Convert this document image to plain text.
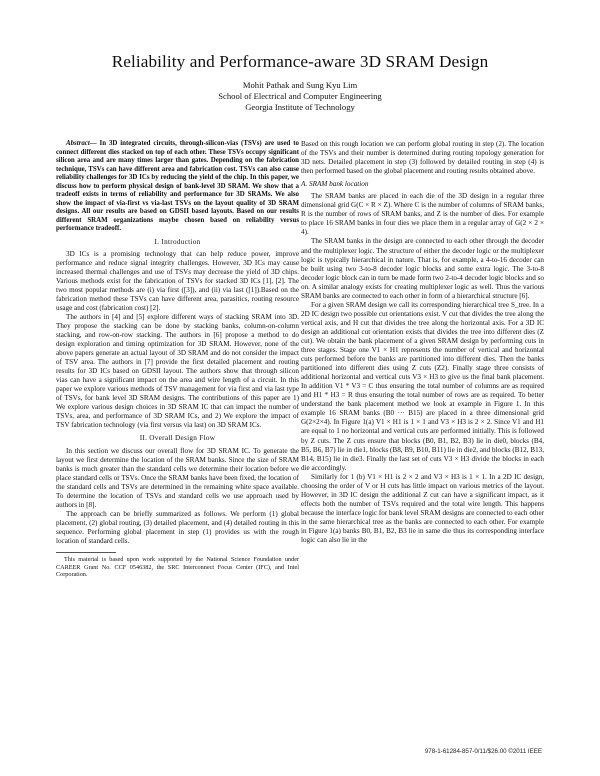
Reliability and Performance-aware 3D SRAM Design
Mohit Pathak and Sung Kyu Lim
School of Electrical and Computer Engineering
Georgia Institute of Technology

Abstract— In 3D integrated circuits, through-silicon-vias (TSVs) are used to connect different dies stacked on top of each other. These TSVs occupy significant silicon area and are many times larger than gates. Depending on the fabrication technique, TSVs can have different area and fabrication cost. TSVs can also cause reliability challenges for 3D ICs by reducing the yield of the chip. In this paper, we discuss how to perform physical design of bank-level 3D SRAM. We show that a tradeoff exists in terms of reliability and performance for 3D SRAMs. We also show the impact of via-first vs via-last TSVs on the layout quality of 3D SRAM designs. All our results are based on GDSII based layouts. Based on our results different SRAM organizations maybe chosen based on reliability versus performance tradeoff.

I. Introduction

3D ICs is a promising technology that can help reduce power, improve performance and reduce signal integrity challenges. However, 3D ICs may cause increased thermal challenges and use of TSVs may decrease the yield of 3D chips. Various methods exist for the fabrication of TSVs for stacked 3D ICs [1], [2]. The two most popular methods are (i) via first ([3]), and (ii) via last ([1]).Based on the fabrication method these TSVs can have different area, parasitics, routing resource usage and cost (fabrication cost) [2].

The authors in [4] and [5] explore different ways of stacking SRAM into 3D. They propose the stacking can be done by stacking banks, column-on-column stacking, and row-on-row stacking. The authors in [6] propose a method to do design exploration and timing optimization for 3D SRAM. However, none of the above papers generate an actual layout of 3D SRAM and do not consider the impact of TSV area. The authors in [7] provide the first detailed placement and routing results for 3D ICs based on GDSII layout. The authors show that through silicon vias can have a significant impact on the area and wire length of a circuit. In this paper we explore various methods of TSV management for via first and via last type of TSVs, for bank level 3D SRAM designs. The contributions of this paper are 1) We explore various design choices in 3D SRAM IC that can impact the number of TSVs, area, and performance of 3D SRAM ICs, and 2) We explore the impact of TSV fabrication technology (via first versus via last) on 3D SRAM ICs.

II. Overall Design Flow

In this section we discuss our overall flow for 3D SRAM IC. To generate the layout we first determine the location of the SRAM banks. Since the size of SRAM banks is much greater than the standard cells we determine their location before we place standard cells or TSVs. Once the SRAM banks have been fixed, the location of the standard cells and TSVs are determined in the remaining white space available. To determine the location of TSVs and standard cells we use approach used by authors in [8].

The approach can be briefly summarized as follows. We perform (1) global placement, (2) global routing, (3) detailed placement, and (4) detailed routing in this sequence. Performing global placement in step (1) provides us with the rough location of standard cells.

This material is based upon work supported by the National Science Foundation under CAREER Grant No. CCF 0546382, the SRC Interconnect Focus Center (IFC), and Intel Corporation.

Based on this rough location we can perform global routing in step (2). The location of the TSVs and their number is determined during routing topology generation for 3D nets. Detailed placement in step (3) followed by detailed routing in step (4) is then performed based on the global placement and routing results obtained above.

A. SRAM bank location

The SRAM banks are placed in each die of the 3D design in a regular three dimensional grid G(C × R × Z). Where C is the number of columns of SRAM banks, R is the number of rows of SRAM banks, and Z is the number of dies. For example to place 16 SRAM banks in four dies we place them in a regular array of G(2 × 2 × 4).

The SRAM banks in the design are connected to each other through the decoder and the multiplexer logic. The structure of either the decoder logic or the multiplexer logic is typically hierarchical in nature. That is, for example, a 4-to-16 decoder can be built using two 3-to-8 decoder logic blocks and some extra logic. The 3-to-8 decoder logic block can in turn be made form two 2-to-4 decoder logic blocks and so on. A similar analogy exists for creating multiplexer logic as well. Thus the various SRAM banks are connected to each other in form of a hierarchical structure [6].

For a given SRAM design we call its corresponding hierarchical tree S_tree. In a 2D IC design two possible cut orientations exist. V cut that divides the tree along the vertical axis, and H cut that divides the tree along the horizontal axis. For a 3D IC design an additional cut orientation exists that divides the tree into different dies (Z cut). We obtain the bank placement of a given SRAM design by performing cuts in three stages. Stage one V1 × H1 represents the number of vertical and horizontal cuts performed before the banks are partitioned into different dies. Then the banks partitioned into different dies using Z cuts (Z2). Finally stage three consists of additional horizontal and vertical cuts V3 × H3 to give us the final bank placement. In addition V1 * V3 = C thus ensuring the total number of columns are as required and H1 * H3 = R thus ensuring the total number of rows are as required. To better understand the bank placement method we look at example in Figure 1. In this example 16 SRAM banks (B0 ··· B15) are placed in a three dimensional grid G(2×2×4). In Figure 1(a) V1 × H1 is 1 × 1 and V3 × H3 is 2 × 2. Since V1 and H1 are equal to 1 no horizontal and vertical cuts are performed initially. This is followed by Z cuts. The Z cuts ensure that blocks (B0, B1, B2, B3) lie in die0, blocks (B4, B5, B6, B7) lie in die1, blocks (B8, B9, B10, B11) lie in die2, and blocks (B12, B13, B14, B15) lie in die3. Finally the last set of cuts V3 × H3 divide the blocks in each die accordingly.

Similarly for 1 (b) V1 × H1 is 2 × 2 and V3 × H3 is 1 × 1. In a 2D IC design, choosing the order of V or H cuts has little impact on various metrics of the layout. However, in 3D IC design the additional Z cut can have a significant impact, as it effects both the number of TSVs required and the total wire length. This happens because the interface logic for bank level SRAM designs are connected to each other in the same hierarchical tree as the banks are connected to each other. For example in Figure 1(a) banks B0, B1, B2, B3 lie in same die thus its corresponding interface logic can also lie in the

978-1-61284-857-0/11/$26.00 ©2011 IEEE
